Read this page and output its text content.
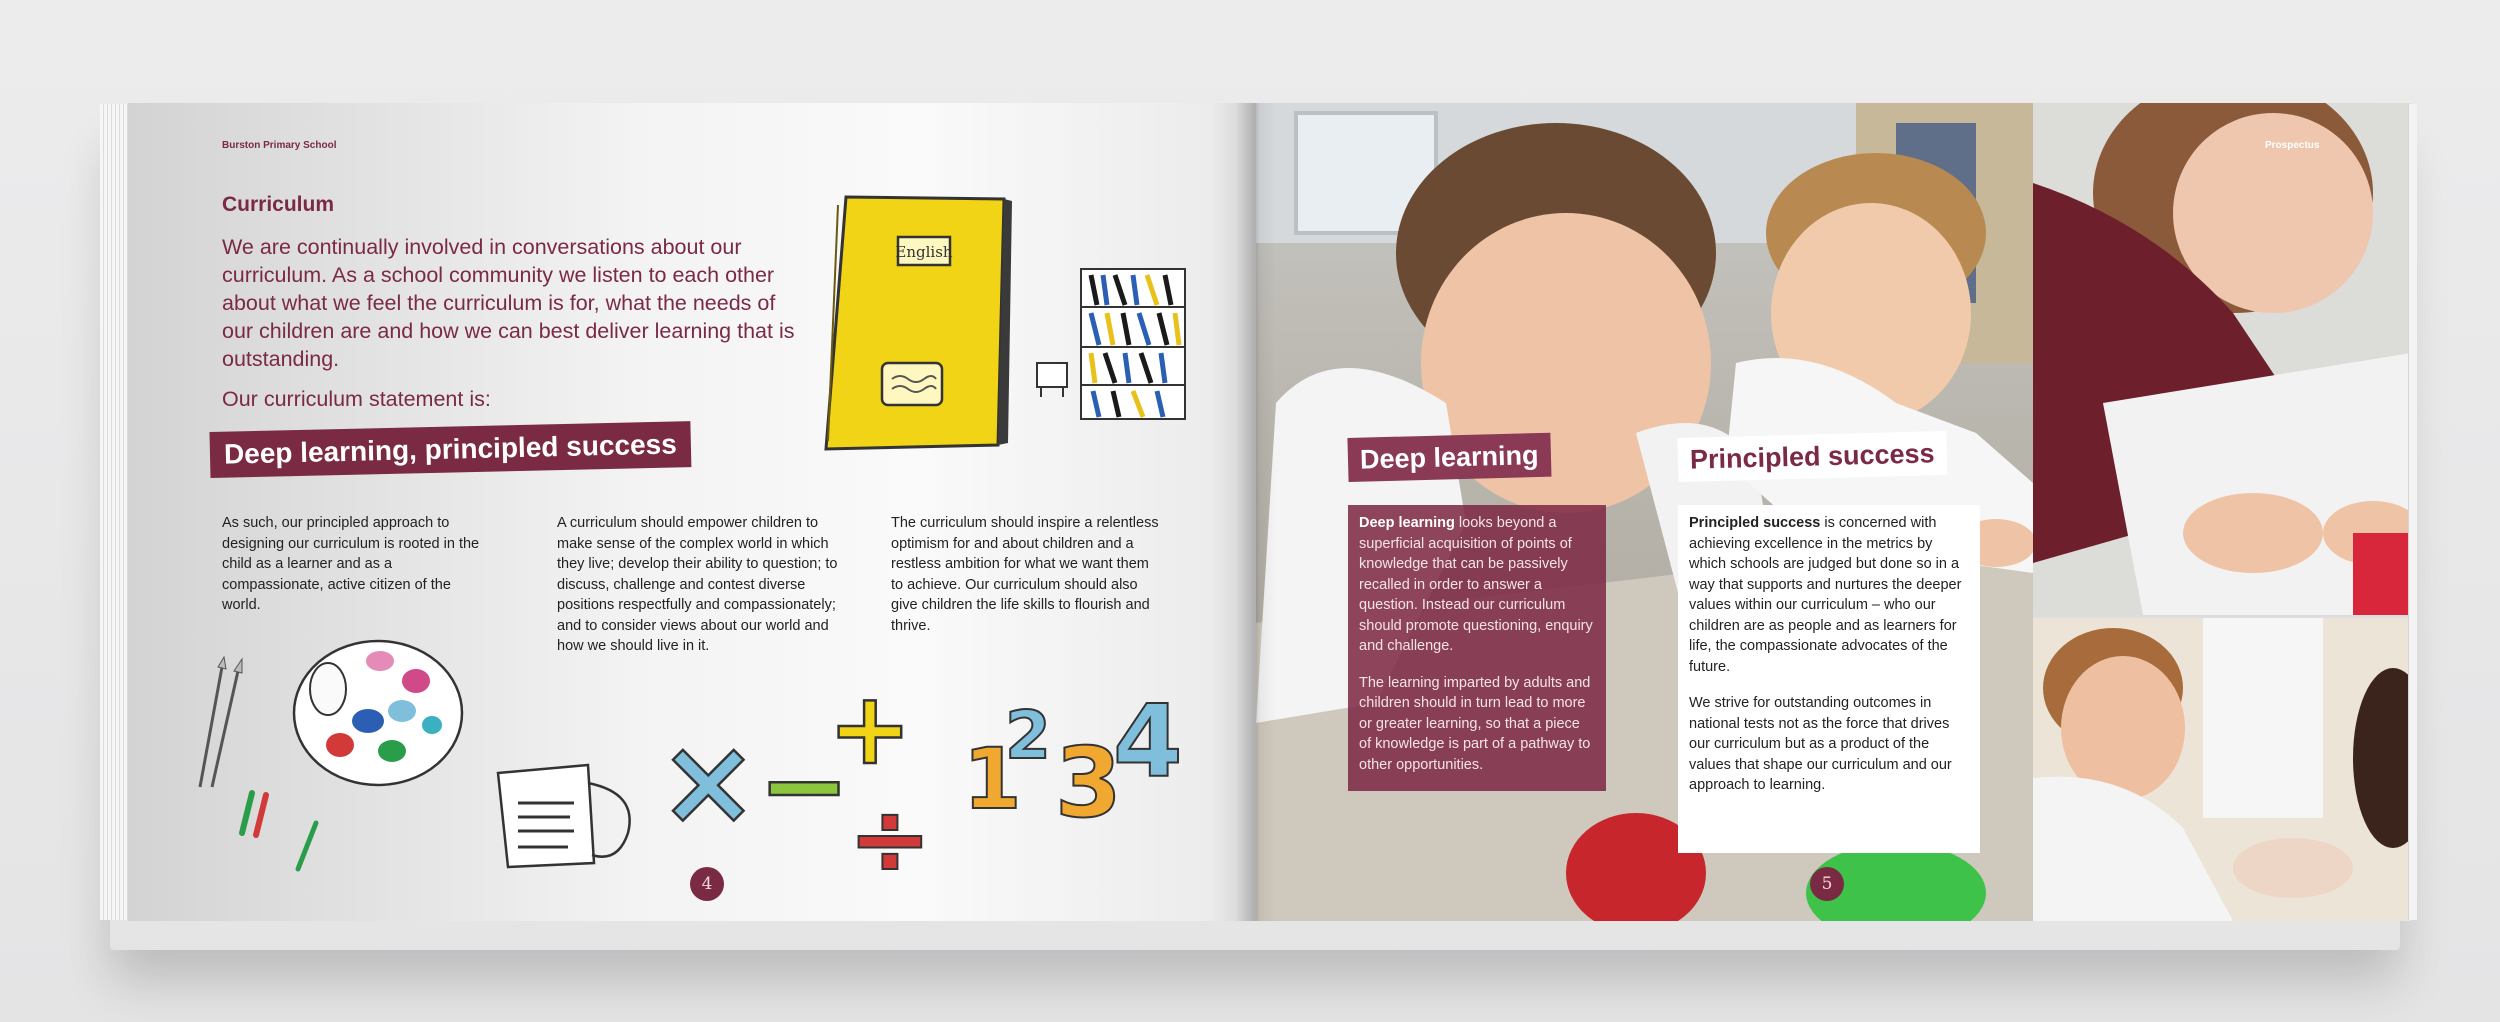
Burston Primary School
Curriculum

We are continually involved in conversations about our curriculum. As a school community we listen to each other about what we feel the curriculum is for, what the needs of our children are and how we can best deliver learning that is outstanding.

Our curriculum statement is:
Deep learning, principled success

As such, our principled approach to designing our curriculum is rooted in the child as a learner and as a compassionate, active citizen of the world.

A curriculum should empower children to make sense of the complex world in which they live; develop their ability to question; to discuss, challenge and contest diverse positions respectfully and compassionately; and to consider views about our world and how we should live in it.

The curriculum should inspire a relentless optimism for and about children and a restless ambition for what we want them to achieve. Our curriculum should also give children the life skills to flourish and thrive.

English
× −
+
÷
1
2 3
4
4
Prospectus
Deep learning	Principled success

Deep learning looks beyond a superficial acquisition of points of knowledge that can be passively recalled in order to answer a question. Instead our curriculum should promote questioning, enquiry and challenge.

The learning imparted by adults and children should in turn lead to more or greater learning, so that a piece of knowledge is part of a pathway to other opportunities.

Principled success is concerned with achieving excellence in the metrics by which schools are judged but done so in a way that supports and nurtures the deeper values within our curriculum – who our children are as people and as learners for life, the compassionate advocates of the future.

We strive for outstanding outcomes in national tests not as the force that drives our curriculum but as a product of the values that shape our curriculum and our approach to learning.

5
